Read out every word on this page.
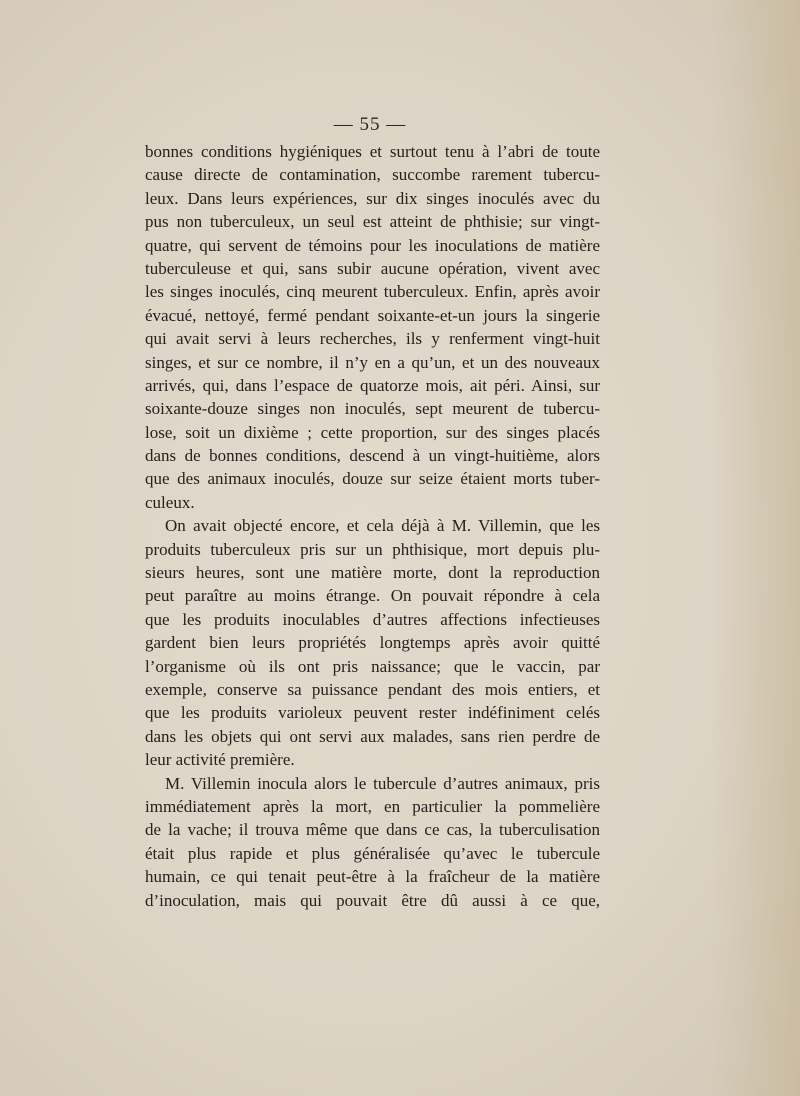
— 55 —
bonnes conditions hygiéniques et surtout tenu à l’abri de toute
cause directe de contamination, succombe rarement tubercu-
leux. Dans leurs expériences, sur dix singes inoculés avec du
pus non tuberculeux, un seul est atteint de phthisie; sur vingt-
quatre, qui servent de témoins pour les inoculations de matière
tuberculeuse et qui, sans subir aucune opération, vivent avec
les singes inoculés, cinq meurent tuberculeux. Enfin, après avoir
évacué, nettoyé, fermé pendant soixante-et-un jours la singerie
qui avait servi à leurs recherches, ils y renferment vingt-huit
singes, et sur ce nombre, il n’y en a qu’un, et un des nouveaux
arrivés, qui, dans l’espace de quatorze mois, ait péri. Ainsi, sur
soixante-douze singes non inoculés, sept meurent de tubercu-
lose, soit un dixième ; cette proportion, sur des singes placés
dans de bonnes conditions, descend à un vingt-huitième, alors
que des animaux inoculés, douze sur seize étaient morts tuber-
culeux.
On avait objecté encore, et cela déjà à M. Villemin, que les
produits tuberculeux pris sur un phthisique, mort depuis plu-
sieurs heures, sont une matière morte, dont la reproduction
peut paraître au moins étrange. On pouvait répondre à cela
que les produits inoculables d’autres affections infectieuses
gardent bien leurs propriétés longtemps après avoir quitté
l’organisme où ils ont pris naissance; que le vaccin, par
exemple, conserve sa puissance pendant des mois entiers, et
que les produits varioleux peuvent rester indéfiniment celés
dans les objets qui ont servi aux malades, sans rien perdre de
leur activité première.
M. Villemin inocula alors le tubercule d’autres animaux, pris
immédiatement après la mort, en particulier la pommelière
de la vache; il trouva même que dans ce cas, la tuberculisation
était plus rapide et plus généralisée qu’avec le tubercule
humain, ce qui tenait peut-être à la fraîcheur de la matière
d’inoculation, mais qui pouvait être dû aussi à ce que,
